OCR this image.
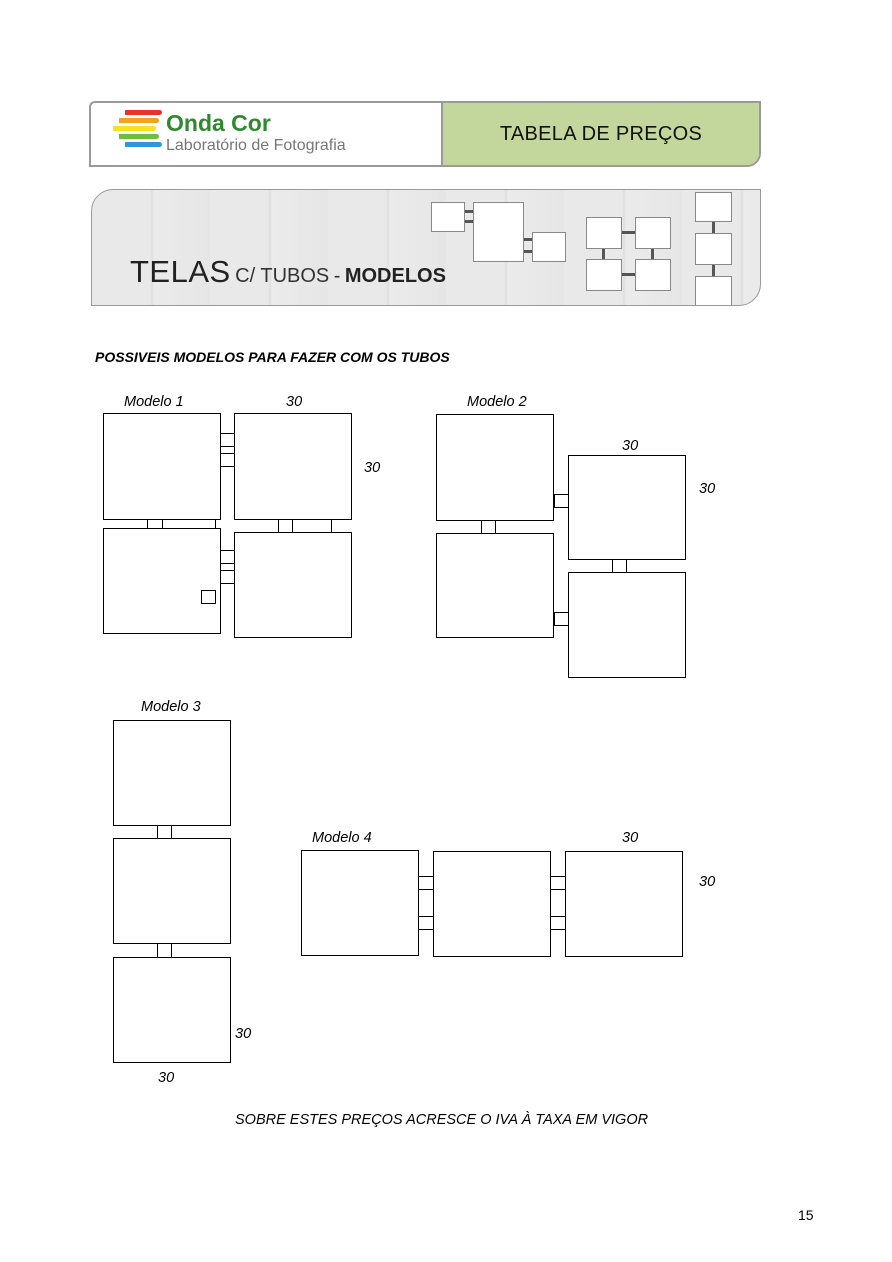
Onda Cor
Laboratório de Fotografia
TABELA DE PREÇOS
TELAS C/ TUBOS - MODELOS
POSSIVEIS MODELOS PARA FAZER COM OS TUBOS
Modelo 1	30
30
Modelo 2
30
30
Modelo 3
30
30
Modelo 4	30
30
SOBRE ESTES PREÇOS ACRESCE O IVA À TAXA EM VIGOR
15
